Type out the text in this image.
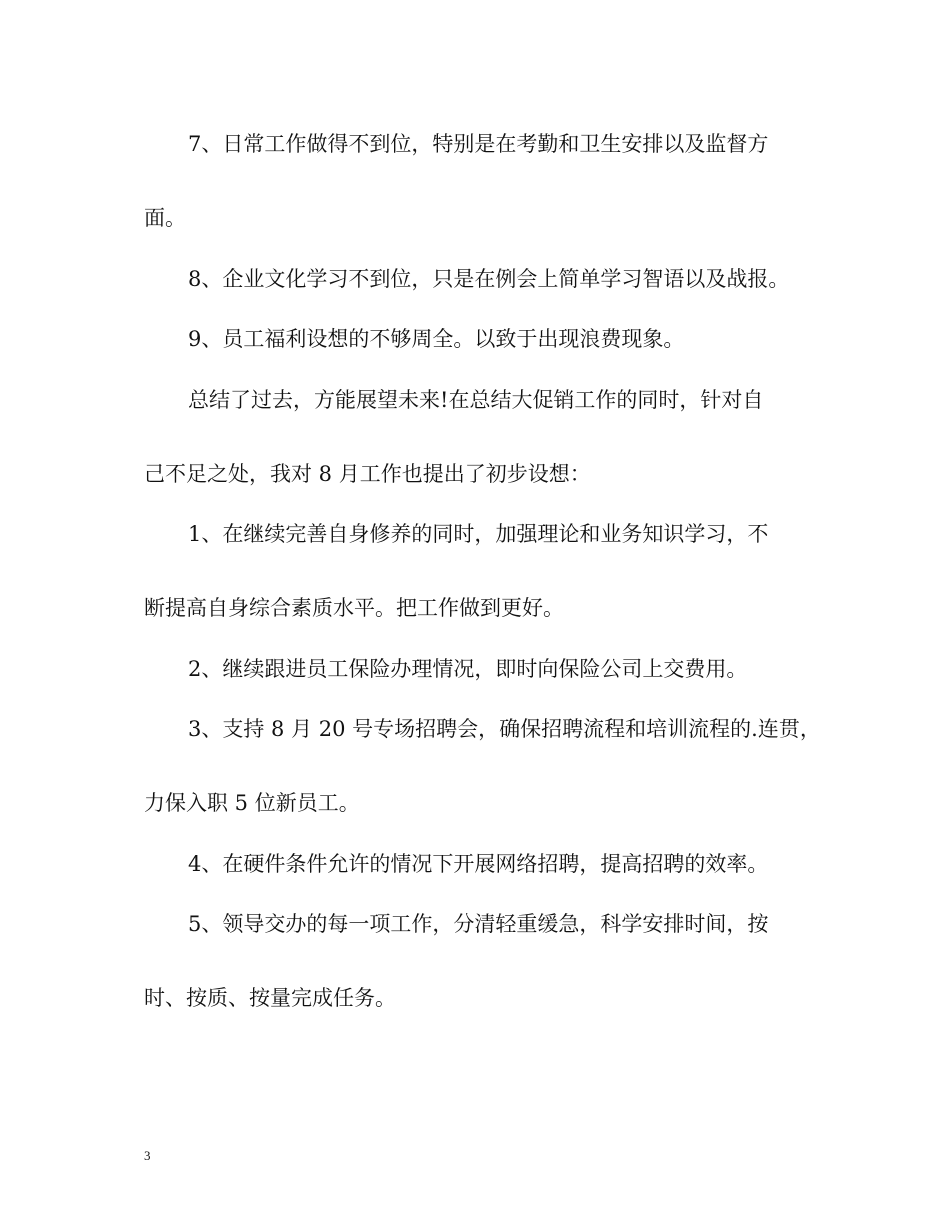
7、日常工作做得不到位，特别是在考勤和卫生安排以及监督方
面。
8、企业文化学习不到位，只是在例会上简单学习智语以及战报。
9、员工福利设想的不够周全。以致于出现浪费现象。
总结了过去，方能展望未来!在总结大促销工作的同时，针对自
己不足之处，我对 8 月工作也提出了初步设想：
1、在继续完善自身修养的同时，加强理论和业务知识学习，不
断提高自身综合素质水平。把工作做到更好。
2、继续跟进员工保险办理情况，即时向保险公司上交费用。
3、支持 8 月 20 号专场招聘会，确保招聘流程和培训流程的.连贯，
力保入职 5 位新员工。
4、在硬件条件允许的情况下开展网络招聘，提高招聘的效率。
5、领导交办的每一项工作，分清轻重缓急，科学安排时间，按
时、按质、按量完成任务。
3
